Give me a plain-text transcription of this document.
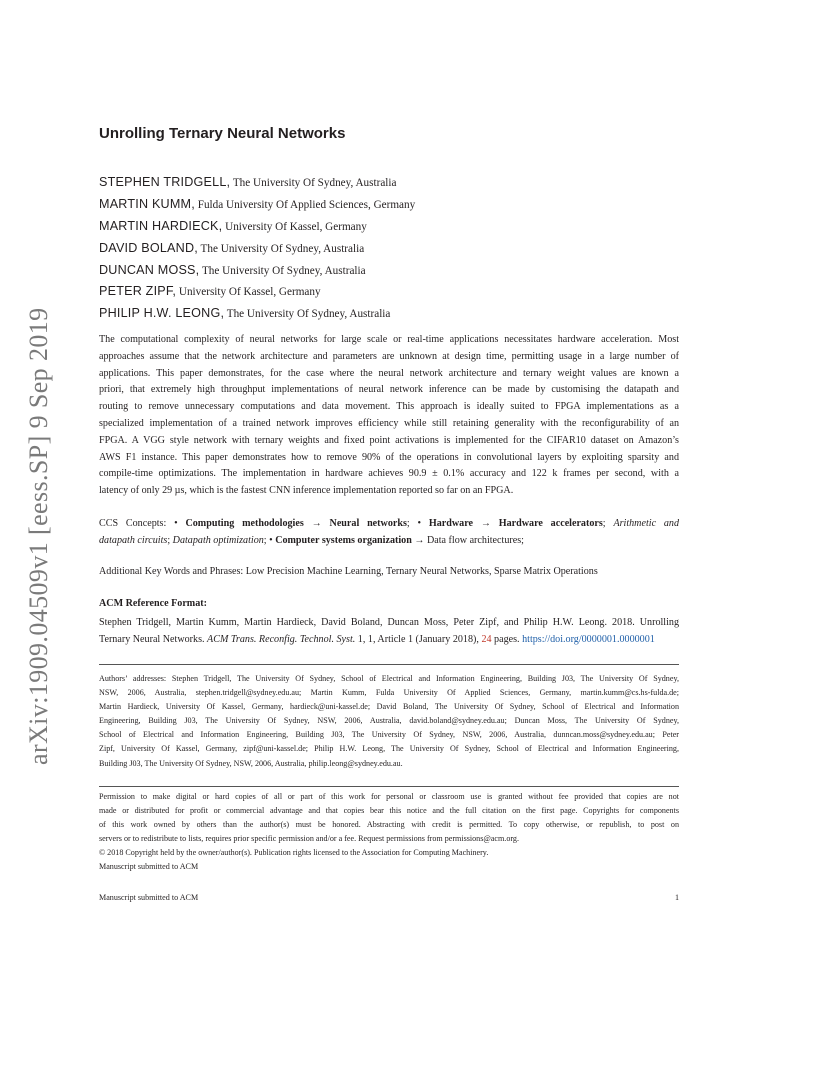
arXiv:1909.04509v1 [eess.SP] 9 Sep 2019
Unrolling Ternary Neural Networks
STEPHEN TRIDGELL, The University Of Sydney, Australia
MARTIN KUMM, Fulda University Of Applied Sciences, Germany
MARTIN HARDIECK, University Of Kassel, Germany
DAVID BOLAND, The University Of Sydney, Australia
DUNCAN MOSS, The University Of Sydney, Australia
PETER ZIPF, University Of Kassel, Germany
PHILIP H.W. LEONG, The University Of Sydney, Australia
The computational complexity of neural networks for large scale or real-time applications necessitates hardware acceleration. Most
approaches assume that the network architecture and parameters are unknown at design time, permitting usage in a large number of
applications. This paper demonstrates, for the case where the neural network architecture and ternary weight values are known a
priori, that extremely high throughput implementations of neural network inference can be made by customising the datapath and
routing to remove unnecessary computations and data movement. This approach is ideally suited to FPGA implementations as a
specialized implementation of a trained network improves efficiency while still retaining generality with the reconfigurability of an
FPGA. A VGG style network with ternary weights and fixed point activations is implemented for the CIFAR10 dataset on Amazon’s
AWS F1 instance. This paper demonstrates how to remove 90% of the operations in convolutional layers by exploiting sparsity and
compile-time optimizations. The implementation in hardware achieves 90.9 ± 0.1% accuracy and 122 k frames per second, with a
latency of only 29 µs, which is the fastest CNN inference implementation reported so far on an FPGA.
CCS Concepts: • Computing methodologies → Neural networks; • Hardware → Hardware accelerators; Arithmetic and
datapath circuits; Datapath optimization; • Computer systems organization → Data flow architectures;
Additional Key Words and Phrases: Low Precision Machine Learning, Ternary Neural Networks, Sparse Matrix Operations
ACM Reference Format:
Stephen Tridgell, Martin Kumm, Martin Hardieck, David Boland, Duncan Moss, Peter Zipf, and Philip H.W. Leong. 2018. Unrolling
Ternary Neural Networks. ACM Trans. Reconfig. Technol. Syst. 1, 1, Article 1 (January 2018), 24 pages. https://doi.org/0000001.0000001
Authors’ addresses: Stephen Tridgell, The University Of Sydney, School of Electrical and Information Engineering, Building J03, The University Of Sydney,
NSW, 2006, Australia, stephen.tridgell@sydney.edu.au; Martin Kumm, Fulda University Of Applied Sciences, Germany, martin.kumm@cs.hs-fulda.de;
Martin Hardieck, University Of Kassel, Germany, hardieck@uni-kassel.de; David Boland, The University Of Sydney, School of Electrical and Information
Engineering, Building J03, The University Of Sydney, NSW, 2006, Australia, david.boland@sydney.edu.au; Duncan Moss, The University Of Sydney,
School of Electrical and Information Engineering, Building J03, The University Of Sydney, NSW, 2006, Australia, dunncan.moss@sydney.edu.au; Peter
Zipf, University Of Kassel, Germany, zipf@uni-kassel.de; Philip H.W. Leong, The University Of Sydney, School of Electrical and Information Engineering,
Building J03, The University Of Sydney, NSW, 2006, Australia, philip.leong@sydney.edu.au.
Permission to make digital or hard copies of all or part of this work for personal or classroom use is granted without fee provided that copies are not
made or distributed for profit or commercial advantage and that copies bear this notice and the full citation on the first page. Copyrights for components
of this work owned by others than the author(s) must be honored. Abstracting with credit is permitted. To copy otherwise, or republish, to post on
servers or to redistribute to lists, requires prior specific permission and/or a fee. Request permissions from permissions@acm.org.
© 2018 Copyright held by the owner/author(s). Publication rights licensed to the Association for Computing Machinery.
Manuscript submitted to ACM
Manuscript submitted to ACM	1
